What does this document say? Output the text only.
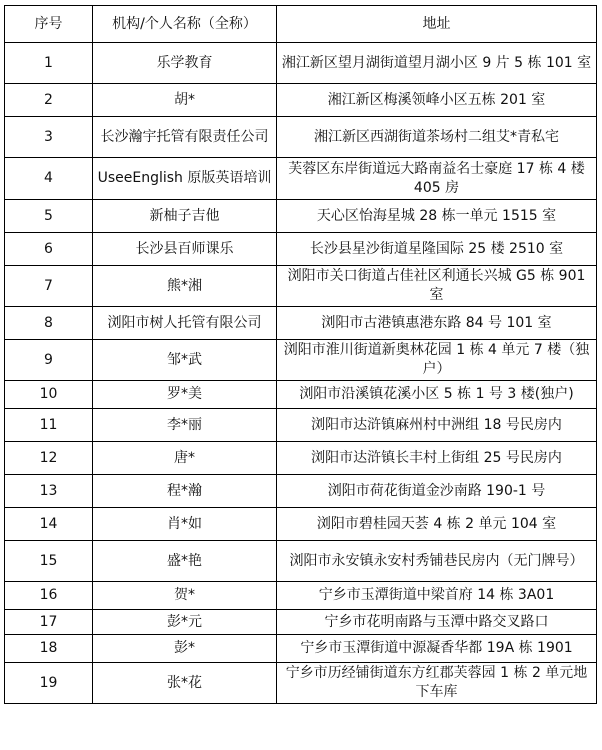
序号	机构/个人名称（全称）	地址
1	乐学教育	湘江新区望月湖街道望月湖小区 9 片 5 栋 101 室
2	胡*	湘江新区梅溪领峰小区五栋 201 室
3	长沙瀚宇托管有限责任公司	湘江新区西湖街道茶场村二组艾*青私宅
4	UseeEnglish 原版英语培训	芙蓉区东岸街道远大路南益名士豪庭 17 栋 4 楼 405 房
5	新柚子吉他	天心区怡海星城 28 栋一单元 1515 室
6	长沙县百师课乐	长沙县星沙街道星隆国际 25 楼 2510 室
7	熊*湘	浏阳市关口街道占佳社区利通长兴城 G5 栋 901 室
8	浏阳市树人托管有限公司	浏阳市古港镇惠港东路 84 号 101 室
9	邹*武	浏阳市淮川街道新奥林花园 1 栋 4 单元 7 楼（独户）
10	罗*美	浏阳市沿溪镇花溪小区 5 栋 1 号 3 楼(独户)
11	李*丽	浏阳市达浒镇麻州村中洲组 18 号民房内
12	唐*	浏阳市达浒镇长丰村上街组 25 号民房内
13	程*瀚	浏阳市荷花街道金沙南路 190-1 号
14	肖*如	浏阳市碧桂园天荟 4 栋 2 单元 104 室
15	盛*艳	浏阳市永安镇永安村秀铺巷民房内（无门牌号）
16	贺*	宁乡市玉潭街道中梁首府 14 栋 3A01
17	彭*元	宁乡市花明南路与玉潭中路交叉路口
18	彭*	宁乡市玉潭街道中源凝香华都 19A 栋 1901
19	张*花	宁乡市历经铺街道东方红郡芙蓉园 1 栋 2 单元地下车库
